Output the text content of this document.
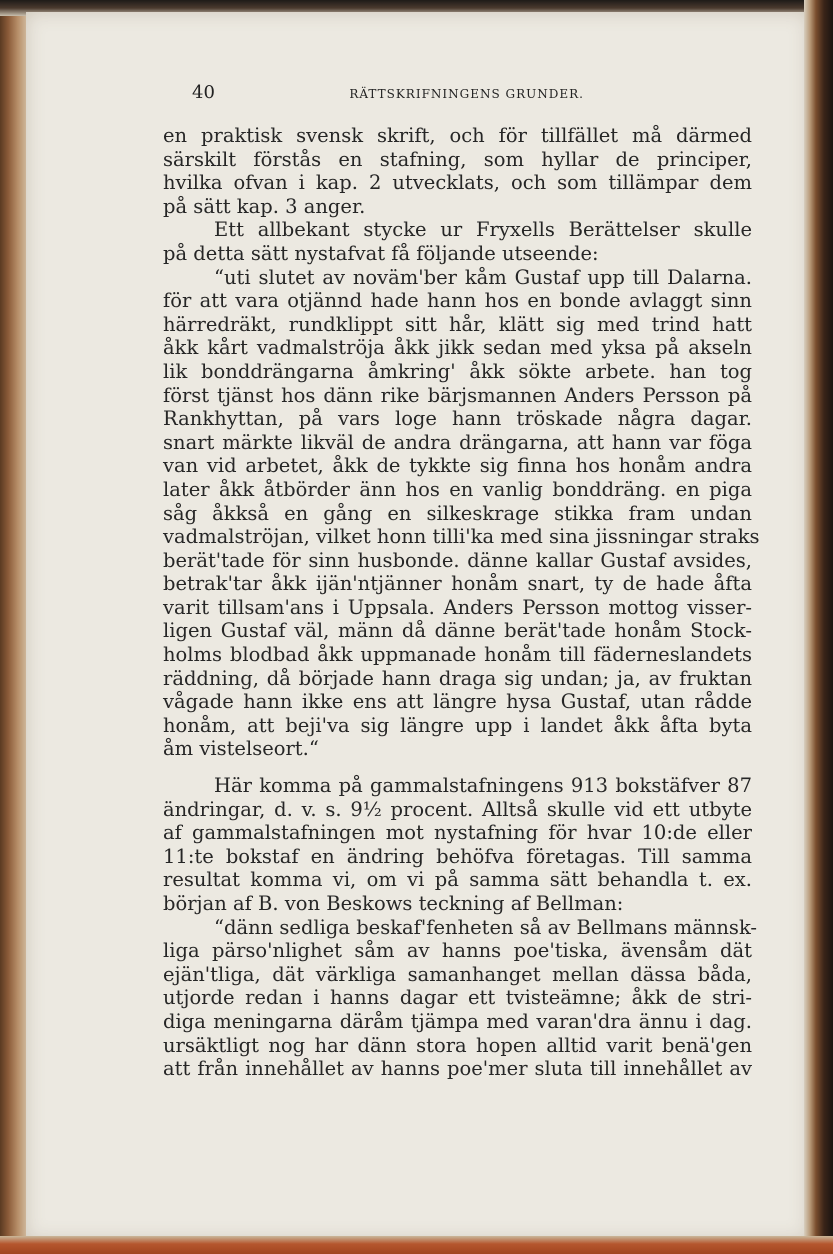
40	RÄTTSKRIFNINGENS GRUNDER.
en praktisk svensk skrift, och för tillfället må därmed
särskilt förstås en stafning, som hyllar de principer,
hvilka ofvan i kap. 2 utvecklats, och som tillämpar dem
på sätt kap. 3 anger.
Ett allbekant stycke ur Fryxells Berättelser skulle
på detta sätt nystafvat få följande utseende:
“uti slutet av noväm'ber kåm Gustaf upp till Dalarna.
för att vara otjännd hade hann hos en bonde avlaggt sinn
härredräkt, rundklippt sitt hår, klätt sig med trind hatt
åkk kårt vadmalströja åkk jikk sedan med yksa på akseln
lik bonddrängarna åmkring' åkk sökte arbete. han tog
först tjänst hos dänn rike bärjsmannen Anders Persson på
Rankhyttan, på vars loge hann tröskade några dagar.
snart märkte likväl de andra drängarna, att hann var föga
van vid arbetet, åkk de tykkte sig finna hos honåm andra
later åkk åtbörder änn hos en vanlig bonddräng. en piga
såg åkkså en gång en silkeskrage stikka fram undan
vadmalströjan, vilket honn tilli'ka med sina jissningar straks
berät'tade för sinn husbonde. dänne kallar Gustaf avsides,
betrak'tar åkk ijän'ntjänner honåm snart, ty de hade åfta
varit tillsam'ans i Uppsala. Anders Persson mottog visser-
ligen Gustaf väl, männ då dänne berät'tade honåm Stock-
holms blodbad åkk uppmanade honåm till fäderneslandets
räddning, då började hann draga sig undan; ja, av fruktan
vågade hann ikke ens att längre hysa Gustaf, utan rådde
honåm, att beji'va sig längre upp i landet åkk åfta byta
åm vistelseort.“
Här komma på gammalstafningens 913 bokstäfver 87
ändringar, d. v. s. 9½ procent. Alltså skulle vid ett utbyte
af gammalstafningen mot nystafning för hvar 10:de eller
11:te bokstaf en ändring behöfva företagas. Till samma
resultat komma vi, om vi på samma sätt behandla t. ex.
början af B. von Beskows teckning af Bellman:
“dänn sedliga beskaf'fenheten så av Bellmans männsk-
liga pärso'nlighet såm av hanns poe'tiska, ävensåm dät
ejän'tliga, dät värkliga samanhanget mellan dässa båda,
utjorde redan i hanns dagar ett tvisteämne; åkk de stri-
diga meningarna däråm tjämpa med varan'dra ännu i dag.
ursäktligt nog har dänn stora hopen alltid varit benä'gen
att från innehållet av hanns poe'mer sluta till innehållet av
